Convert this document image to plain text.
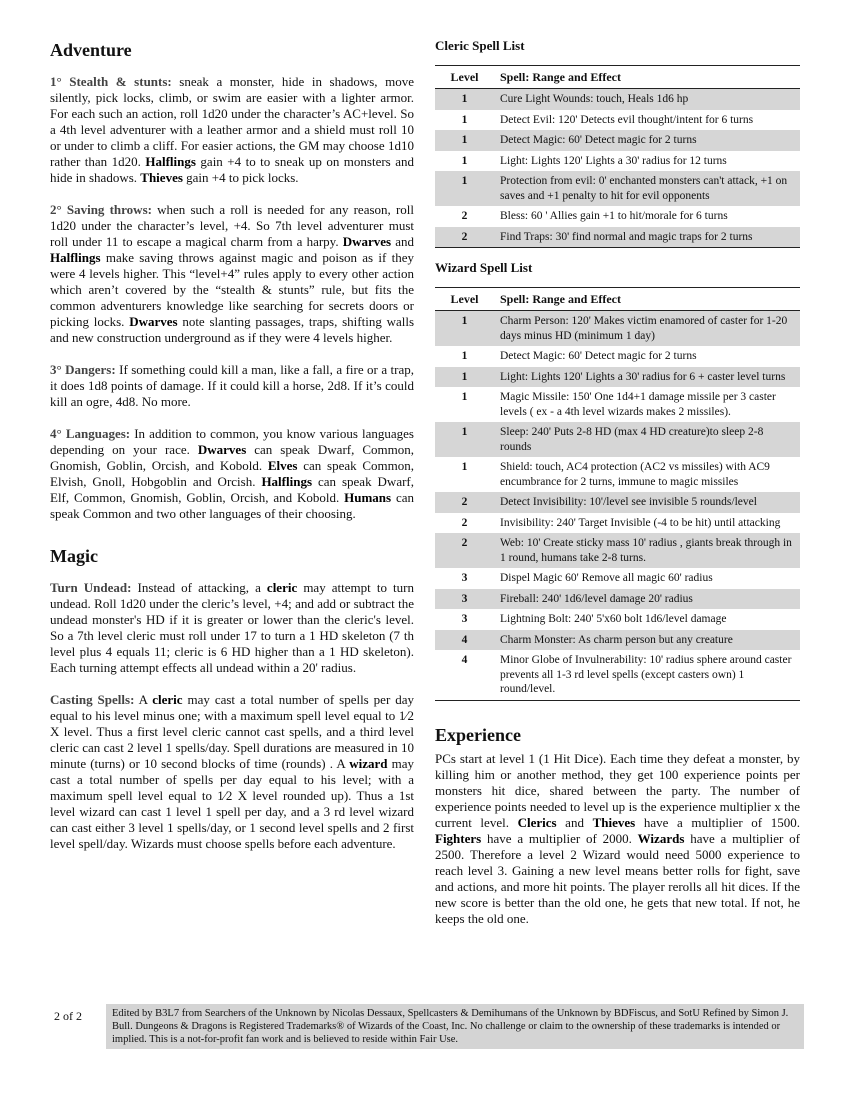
Adventure

1° Stealth & stunts: sneak a monster, hide in shadows, move silently, pick locks, climb, or swim are easier with a lighter armor. For each such an action, roll 1d20 under the character’s AC+level. So a 4th level adventurer with a leather armor and a shield must roll 10 or under to climb a cliff. For easier actions, the GM may choose 1d10 rather than 1d20. Halflings gain +4 to to sneak up on monsters and hide in shadows. Thieves gain +4 to pick locks.

2° Saving throws: when such a roll is needed for any reason, roll 1d20 under the character’s level, +4. So 7th level adventurer must roll under 11 to escape a magical charm from a harpy. Dwarves and Halflings make saving throws against magic and poison as if they were 4 levels higher. This “level+4” rules apply to every other action which aren’t covered by the “stealth & stunts” rule, but fits the common adventurers knowledge like searching for secrets doors or picking locks. Dwarves note slanting passages, traps, shifting walls and new construction underground as if they were 4 levels higher.

3° Dangers: If something could kill a man, like a fall, a fire or a trap, it does 1d8 points of damage. If it could kill a horse, 2d8. If it’s could kill an ogre, 4d8. No more.

4° Languages: In addition to common, you know various languages depending on your race. Dwarves can speak Dwarf, Common, Gnomish, Goblin, Orcish, and Kobold. Elves can speak Common, Elvish, Gnoll, Hobgoblin and Orcish. Halflings can speak Dwarf, Elf, Common, Gnomish, Goblin, Orcish, and Kobold. Humans can speak Common and two other languages of their choosing.

Magic

Turn Undead: Instead of attacking, a cleric may attempt to turn undead. Roll 1d20 under the cleric’s level, +4; and add or subtract the undead monster's HD if it is greater or lower than the cleric's level. So a 7th level cleric must roll under 17 to turn a 1 HD skeleton (7 th level plus 4 equals 11; cleric is 6 HD higher than a 1 HD skeleton). Each turning attempt effects all undead within a 20' radius.

Casting Spells: A cleric may cast a total number of spells per day equal to his level minus one; with a maximum spell level equal to 1⁄2 X level. Thus a first level cleric cannot cast spells, and a third level cleric can cast 2 level 1 spells/day. Spell durations are measured in 10 minute (turns) or 10 second blocks of time (rounds) . A wizard may cast a total number of spells per day equal to his level; with a maximum spell level equal to 1⁄2 X level rounded up). Thus a 1st level wizard can cast 1 level 1 spell per day, and a 3 rd level wizard can cast either 3 level 1 spells/day, or 1 second level spells and 2 first level spell/day. Wizards must choose spells before each adventure.

Cleric Spell List
Level	Spell: Range and Effect
1	Cure Light Wounds: touch, Heals 1d6 hp
1	Detect Evil: 120' Detects evil thought/intent for 6 turns
1	Detect Magic: 60' Detect magic for 2 turns
1	Light: Lights 120' Lights a 30' radius for 12 turns
1	Protection from evil: 0' enchanted monsters can't attack, +1 on saves and +1 penalty to hit for evil opponents
2	Bless: 60 ' Allies gain +1 to hit/morale for 6 turns
2	Find Traps: 30' find normal and magic traps for 2 turns
Wizard Spell List
Level	Spell: Range and Effect
1	Charm Person: 120' Makes victim enamored of caster for 1-20 days minus HD (minimum 1 day)
1	Detect Magic: 60' Detect magic for 2 turns
1	Light: Lights 120' Lights a 30' radius for 6 + caster level turns
1	Magic Missile: 150' One 1d4+1 damage missile per 3 caster levels ( ex - a 4th level wizards makes 2 missiles).
1	Sleep: 240' Puts 2-8 HD (max 4 HD creature)to sleep 2-8 rounds
1	Shield: touch, AC4 protection (AC2 vs missiles) with AC9 encumbrance for 2 turns, immune to magic missiles
2	Detect Invisibility: 10'/level see invisible 5 rounds/level
2	Invisibility: 240' Target Invisible (-4 to be hit) until attacking
2	Web: 10' Create sticky mass 10' radius , giants break through in 1 round, humans take 2-8 turns.
3	Dispel Magic 60' Remove all magic 60' radius
3	Fireball: 240' 1d6/level damage 20' radius
3	Lightning Bolt: 240' 5'x60 bolt 1d6/level damage
4	Charm Monster: As charm person but any creature
4	Minor Globe of Invulnerability: 10' radius sphere around caster prevents all 1-3 rd level spells (except casters own) 1 round/level.
Experience

PCs start at level 1 (1 Hit Dice). Each time they defeat a monster, by killing him or another method, they get 100 experience points per monsters hit dice, shared between the party. The number of experience points needed to level up is the experience multiplier x the current level. Clerics and Thieves have a multiplier of 1500. Fighters have a multiplier of 2000. Wizards have a multiplier of 2500. Therefore a level 2 Wizard would need 5000 experience to reach level 3. Gaining a new level means better rolls for fight, save and actions, and more hit points. The player rerolls all hit dices. If the new score is better than the old one, he gets that new total. If not, he keeps the old one.

2 of 2	Edited by B3L7 from Searchers of the Unknown by Nicolas Dessaux, Spellcasters & Demihumans of the Unknown by BDFiscus, and SotU Refined by Simon J. Bull. Dungeons & Dragons is Registered Trademarks® of Wizards of the Coast, Inc. No challenge or claim to the ownership of these trademarks is intended or implied. This is a not-for-profit fan work and is believed to reside within Fair Use.
